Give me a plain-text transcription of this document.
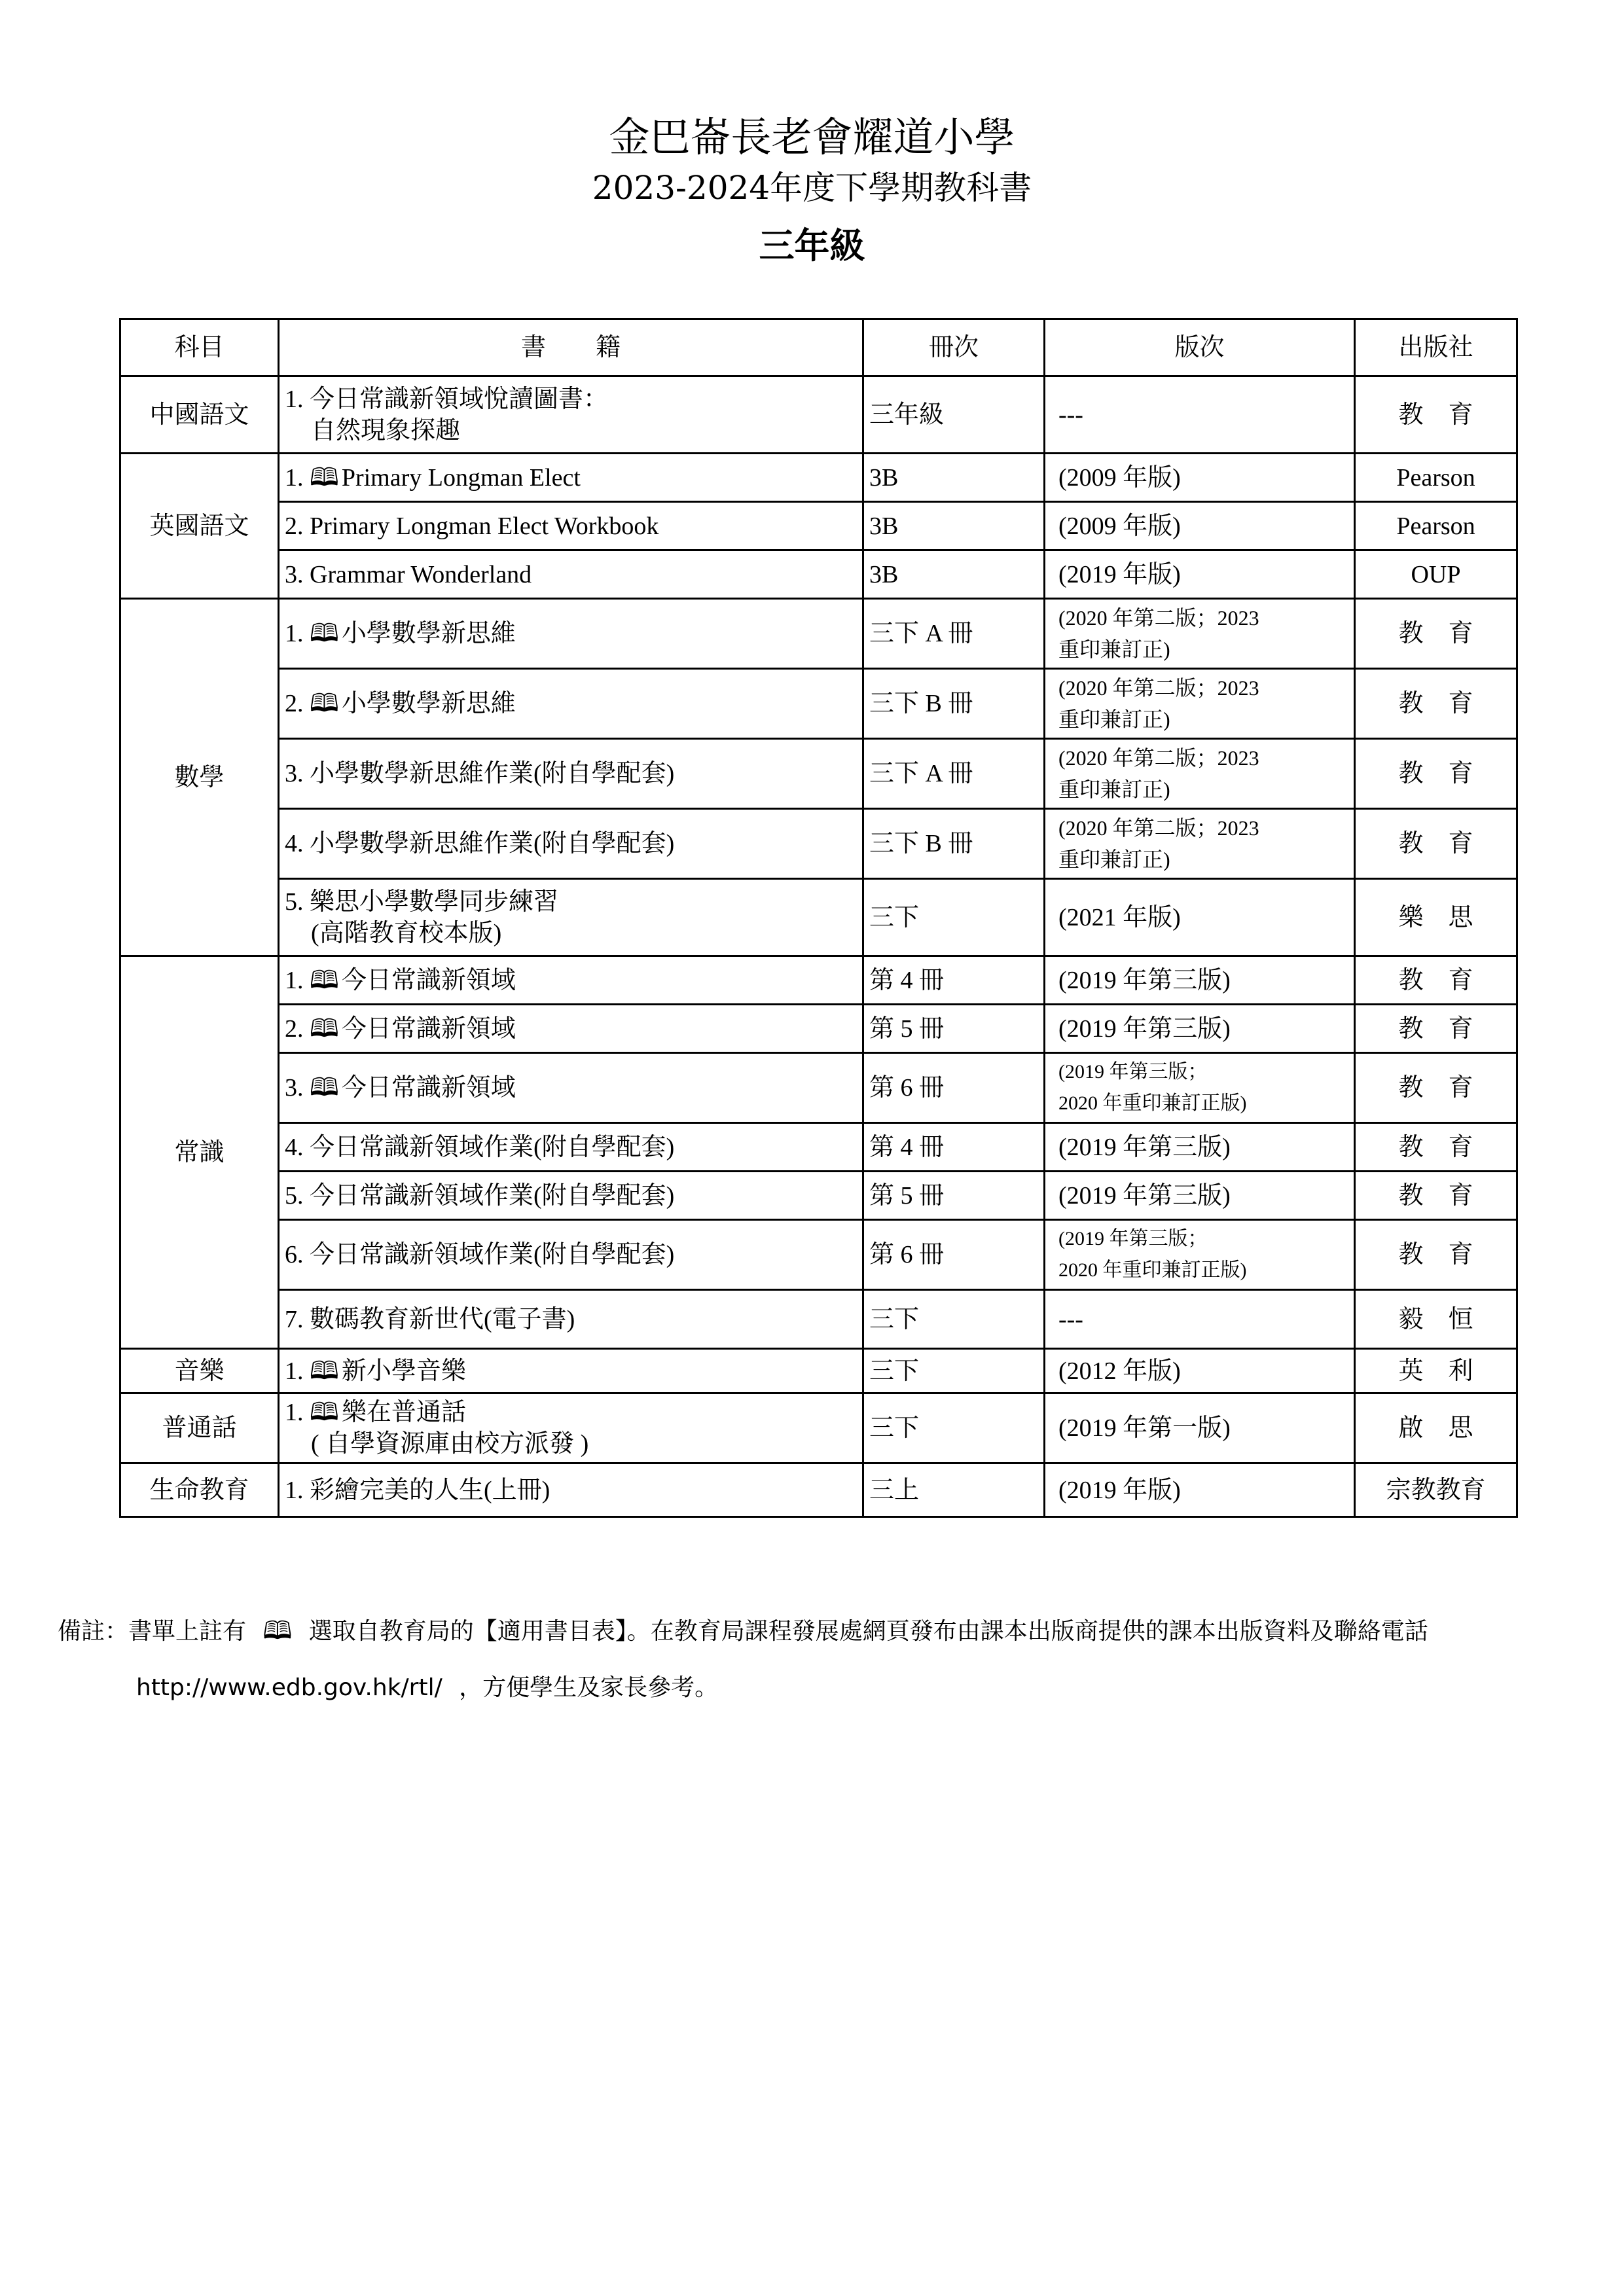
金巴崙長老會耀道小學
2023-2024年度下學期教科書
三年級
科目	書　　籍	冊次	版次	出版社
中國語文	1. 今日常識新領域悅讀圖書：
自然現象探趣	三年級	---	教　育
英國語文	1. 🕮 Primary Longman Elect	3B	(2009 年版)	Pearson

	2. Primary Longman Elect Workbook	3B	(2009 年版)	Pearson

	3. Grammar Wonderland	3B	(2019 年版)	OUP
數學	1. 🕮 小學數學新思維	三下 A 冊	(2020 年第二版；2023
重印兼訂正)	教　育

	2. 🕮 小學數學新思維	三下 B 冊	(2020 年第二版；2023
重印兼訂正)	教　育

	3. 小學數學新思維作業(附自學配套)	三下 A 冊	(2020 年第二版；2023
重印兼訂正)	教　育

	4. 小學數學新思維作業(附自學配套)	三下 B 冊	(2020 年第二版；2023
重印兼訂正)	教　育

	5. 樂思小學數學同步練習
(高階教育校本版)	三下	(2021 年版)	樂　思
常識	1. 🕮 今日常識新領域	第 4 冊	(2019 年第三版)	教　育

	2. 🕮 今日常識新領域	第 5 冊	(2019 年第三版)	教　育

	3. 🕮 今日常識新領域	第 6 冊	(2019 年第三版；
2020 年重印兼訂正版)	教　育

	4. 今日常識新領域作業(附自學配套)	第 4 冊	(2019 年第三版)	教　育

	5. 今日常識新領域作業(附自學配套)	第 5 冊	(2019 年第三版)	教　育

	6. 今日常識新領域作業(附自學配套)	第 6 冊	(2019 年第三版；
2020 年重印兼訂正版)	教　育

	7. 數碼教育新世代(電子書)	三下	---	毅　恒
音樂	1. 🕮 新小學音樂	三下	(2012 年版)	英　利
普通話	1. 🕮 樂在普通話
( 自學資源庫由校方派發 )	三下	(2019 年第一版)	啟　思
生命教育	1. 彩繪完美的人生(上冊)	三上	(2019 年版)	宗教教育
備註：書單上註有 🕮 選取自教育局的【適用書目表】。在教育局課程發展處網頁發布由課本出版商提供的課本出版資料及聯絡電話
http://www.edb.gov.hk/rtl/ ，方便學生及家長參考。
